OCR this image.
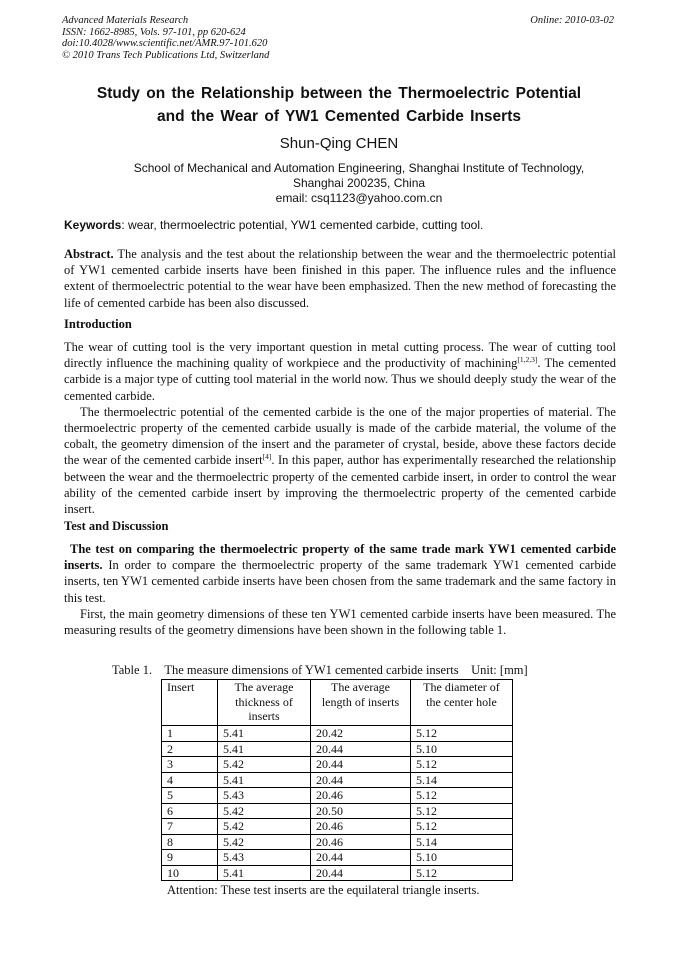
Advanced Materials Research
ISSN: 1662-8985, Vols. 97-101, pp 620-624
doi:10.4028/www.scientific.net/AMR.97-101.620
© 2010 Trans Tech Publications Ltd, Switzerland
Online: 2010-03-02
Study on the Relationship between the Thermoelectric Potential
and the Wear of YW1 Cemented Carbide Inserts
Shun-Qing CHEN
School of Mechanical and Automation Engineering, Shanghai Institute of Technology,
Shanghai 200235, China
email: csq1123@yahoo.com.cn
Keywords: wear, thermoelectric potential, YW1 cemented carbide, cutting tool.

Abstract. The analysis and the test about the relationship between the wear and the thermoelectric potential of YW1 cemented carbide inserts have been finished in this paper. The influence rules and the influence extent of thermoelectric potential to the wear have been emphasized. Then the new method of forecasting the life of cemented carbide has been also discussed.

Introduction

The wear of cutting tool is the very important question in metal cutting process. The wear of cutting tool directly influence the machining quality of workpiece and the productivity of machining[1,2,3]. The cemented carbide is a major type of cutting tool material in the world now. Thus we should deeply study the wear of the cemented carbide.

The thermoelectric potential of the cemented carbide is the one of the major properties of material. The thermoelectric property of the cemented carbide usually is made of the carbide material, the volume of the cobalt, the geometry dimension of the insert and the parameter of crystal, beside, above these factors decide the wear of the cemented carbide insert[4]. In this paper, author has experimentally researched the relationship between the wear and the thermoelectric property of the cemented carbide insert, in order to control the wear ability of the cemented carbide insert by improving the thermoelectric property of the cemented carbide insert.

Test and Discussion

The test on comparing the thermoelectric property of the same trade mark YW1 cemented carbide inserts. In order to compare the thermoelectric property of the same trademark YW1 cemented carbide inserts, ten YW1 cemented carbide inserts have been chosen from the same trademark and the same factory in this test.

First, the main geometry dimensions of these ten YW1 cemented carbide inserts have been measured. The measuring results of the geometry dimensions have been shown in the following table 1.

Table 1.    The measure dimensions of YW1 cemented carbide inserts    Unit: [mm]
Insert	The average thickness of inserts	The average length of inserts	The diameter of the center hole
1	5.41	20.42	5.12
2	5.41	20.44	5.10
3	5.42	20.44	5.12
4	5.41	20.44	5.14
5	5.43	20.46	5.12
6	5.42	20.50	5.12
7	5.42	20.46	5.12
8	5.42	20.46	5.14
9	5.43	20.44	5.10
10	5.41	20.44	5.12
Attention: These test inserts are the equilateral triangle inserts.
